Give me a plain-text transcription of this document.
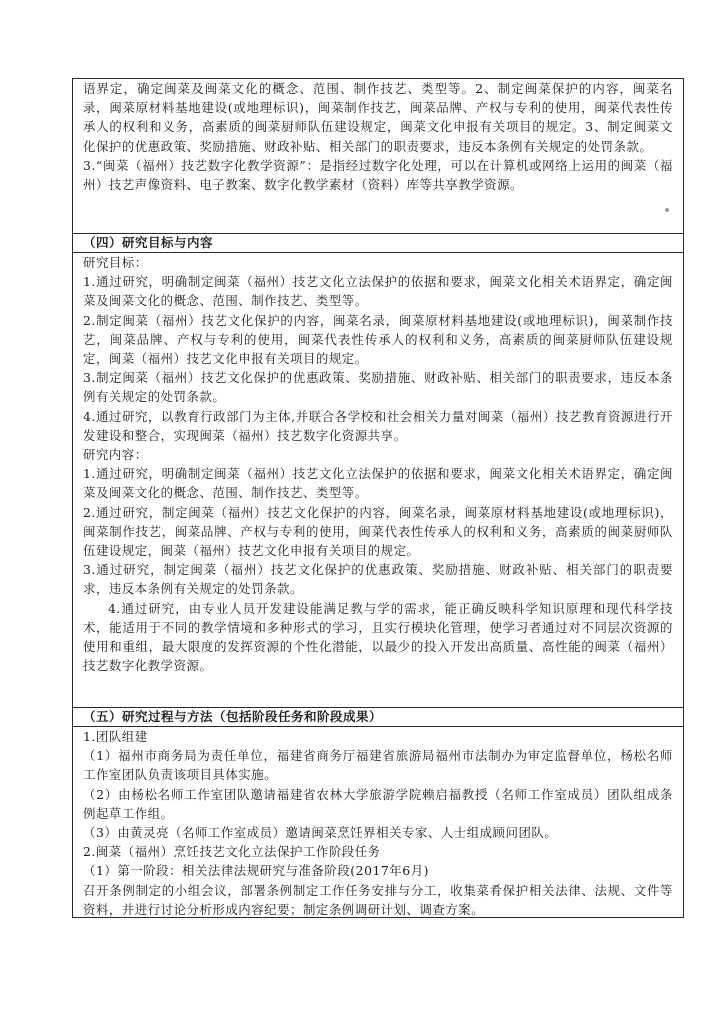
语界定，确定闽菜及闽菜文化的概念、范围、制作技艺、类型等。2、制定闽菜保护的内容，闽菜名录，闽菜原材料基地建设(或地理标识)，闽菜制作技艺，闽菜品牌、产权与专利的使用，闽菜代表性传承人的权利和义务，高素质的闽菜厨师队伍建设规定，闽菜文化申报有关项目的规定。3、制定闽菜文化保护的优惠政策、奖励措施、财政补贴、相关部门的职责要求，违反本条例有关规定的处罚条款。

3.“闽菜（福州）技艺数字化教学资源”：是指经过数字化处理，可以在计算机或网络上运用的闽菜（福州）技艺声像资料、电子教案、数字化教学素材（资料）库等共享教学资源。

（四）研究目标与内容

研究目标：

1.通过研究，明确制定闽菜（福州）技艺文化立法保护的依据和要求，闽菜文化相关术语界定，确定闽菜及闽菜文化的概念、范围、制作技艺、类型等。

2.制定闽菜（福州）技艺文化保护的内容，闽菜名录，闽菜原材料基地建设(或地理标识)，闽菜制作技艺，闽菜品牌、产权与专利的使用，闽菜代表性传承人的权利和义务，高素质的闽菜厨师队伍建设规定，闽菜（福州）技艺文化申报有关项目的规定。

3.制定闽菜（福州）技艺文化保护的优惠政策、奖励措施、财政补贴、相关部门的职责要求，违反本条例有关规定的处罚条款。

4.通过研究，以教育行政部门为主体,并联合各学校和社会相关力量对闽菜（福州）技艺教育资源进行开发建设和整合，实现闽菜（福州）技艺数字化资源共享。

研究内容：

1.通过研究，明确制定闽菜（福州）技艺文化立法保护的依据和要求，闽菜文化相关术语界定，确定闽菜及闽菜文化的概念、范围、制作技艺、类型等。

2.通过研究，制定闽菜（福州）技艺文化保护的内容，闽菜名录，闽菜原材料基地建设(或地理标识)，闽菜制作技艺，闽菜品牌、产权与专利的使用，闽菜代表性传承人的权利和义务，高素质的闽菜厨师队伍建设规定，闽菜（福州）技艺文化申报有关项目的规定。

3.通过研究，制定闽菜（福州）技艺文化保护的优惠政策、奖励措施、财政补贴、相关部门的职责要求，违反本条例有关规定的处罚条款。

4.通过研究，由专业人员开发建设能满足教与学的需求，能正确反映科学知识原理和现代科学技术，能适用于不同的教学情境和多种形式的学习，且实行模块化管理，使学习者通过对不同层次资源的使用和重组，最大限度的发挥资源的个性化潜能，以最少的投入开发出高质量、高性能的闽菜（福州）技艺数字化教学资源。

（五）研究过程与方法（包括阶段任务和阶段成果）

1.团队组建

（1）福州市商务局为责任单位，福建省商务厅福建省旅游局福州市法制办为审定监督单位，杨松名师工作室团队负责该项目具体实施。

（2）由杨松名师工作室团队邀请福建省农林大学旅游学院赖启福教授（名师工作室成员）团队组成条例起草工作组。

（3）由黄灵亮（名师工作室成员）邀请闽菜烹饪界相关专家、人士组成顾问团队。

2.闽菜（福州）烹饪技艺文化立法保护工作阶段任务

（1）第一阶段：相关法律法规研究与准备阶段(2017年6月)

召开条例制定的小组会议，部署条例制定工作任务安排与分工，收集菜肴保护相关法律、法规、文件等资料，并进行讨论分析形成内容纪要；制定条例调研计划、调查方案。
